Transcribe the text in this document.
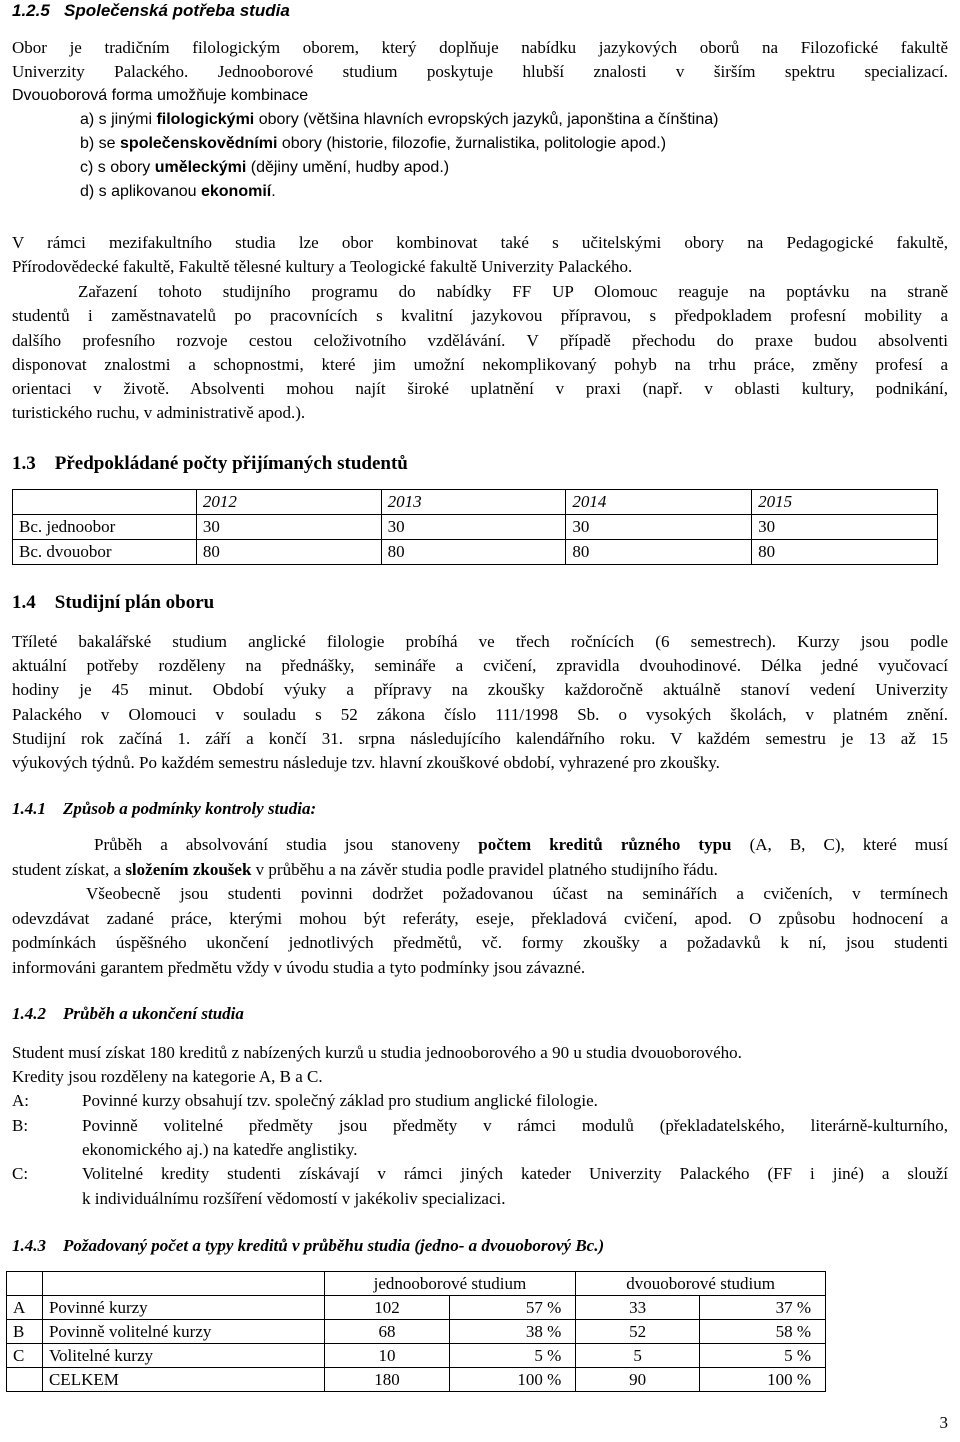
1.2.5 Společenská potřeba studia
Obor je tradičním filologickým oborem, který doplňuje nabídku jazykových oborů na Filozofické fakultě
Univerzity Palackého. Jednooborové studium poskytuje hlubší znalosti v širším spektru specializací.
Dvouoborová forma umožňuje kombinace
a) s jinými filologickými obory (většina hlavních evropských jazyků, japonština a čínština)
b) se společenskovědními obory (historie, filozofie, žurnalistika, politologie apod.)
c) s obory uměleckými (dějiny umění, hudby apod.)
d) s aplikovanou ekonomií.
V rámci mezifakultního studia lze obor kombinovat také s učitelskými obory na Pedagogické fakultě,
Přírodovědecké fakultě, Fakultě tělesné kultury a Teologické fakultě Univerzity Palackého.
Zařazení tohoto studijního programu do nabídky FF UP Olomouc reaguje na poptávku na straně
studentů i zaměstnavatelů po pracovnících s kvalitní jazykovou přípravou, s předpokladem profesní mobility a
dalšího profesního rozvoje cestou celoživotního vzdělávání. V případě přechodu do praxe budou absolventi
disponovat znalostmi a schopnostmi, které jim umožní nekomplikovaný pohyb na trhu práce, změny profesí a
orientaci v životě. Absolventi mohou najít široké uplatnění v praxi (např. v oblasti kultury, podnikání,
turistického ruchu, v administrativě apod.).
1.3 Předpokládané počty přijímaných studentů
	2012	2013	2014	2015
Bc. jednoobor	30	30	30	30
Bc. dvouobor	80	80	80	80
1.4 Studijní plán oboru
Tříleté bakalářské studium anglické filologie probíhá ve třech ročnících (6 semestrech). Kurzy jsou podle
aktuální potřeby rozděleny na přednášky, semináře a cvičení, zpravidla dvouhodinové. Délka jedné vyučovací
hodiny je 45 minut. Období výuky a přípravy na zkoušky každoročně aktuálně stanoví vedení Univerzity
Palackého v Olomouci v souladu s 52 zákona číslo 111/1998 Sb. o vysokých školách, v platném znění.
Studijní rok začíná 1. září a končí 31. srpna následujícího kalendářního roku. V každém semestru je 13 až 15
výukových týdnů. Po každém semestru následuje tzv. hlavní zkouškové období, vyhrazené pro zkoušky.
1.4.1 Způsob a podmínky kontroly studia:
Průběh a absolvování studia jsou stanoveny počtem kreditů různého typu (A, B, C), které musí
student získat, a složením zkoušek v průběhu a na závěr studia podle pravidel platného studijního řádu.
Všeobecně jsou studenti povinni dodržet požadovanou účast na seminářích a cvičeních, v termínech
odevzdávat zadané práce, kterými mohou být referáty, eseje, překladová cvičení, apod. O způsobu hodnocení a
podmínkách úspěšného ukončení jednotlivých předmětů, vč. formy zkoušky a požadavků k ní, jsou studenti
informováni garantem předmětu vždy v úvodu studia a tyto podmínky jsou závazné.
1.4.2 Průběh a ukončení studia
Student musí získat 180 kreditů z nabízených kurzů u studia jednooborového a 90 u studia dvouoborového.
Kredity jsou rozděleny na kategorie A, B a C.
A:	Povinné kurzy obsahují tzv. společný základ pro studium anglické filologie.
B:	Povinně volitelné předměty jsou předměty v rámci modulů (překladatelského, literárně-kulturního,
ekonomického aj.) na katedře anglistiky.
C:	Volitelné kredity studenti získávají v rámci jiných kateder Univerzity Palackého (FF i jiné) a slouží
k individuálnímu rozšíření vědomostí v jakékoliv specializaci.
1.4.3 Požadovaný počet a typy kreditů v průběhu studia (jedno- a dvouoborový Bc.)
		jednooborové studium		dvouoborové studium	
A	Povinné kurzy	102	57 %	33	37 %
B	Povinně volitelné kurzy	68	38 %	52	58 %
C	Volitelné kurzy	10	5 %	5	5 %
	CELKEM	180	100 %	90	100 %
3
